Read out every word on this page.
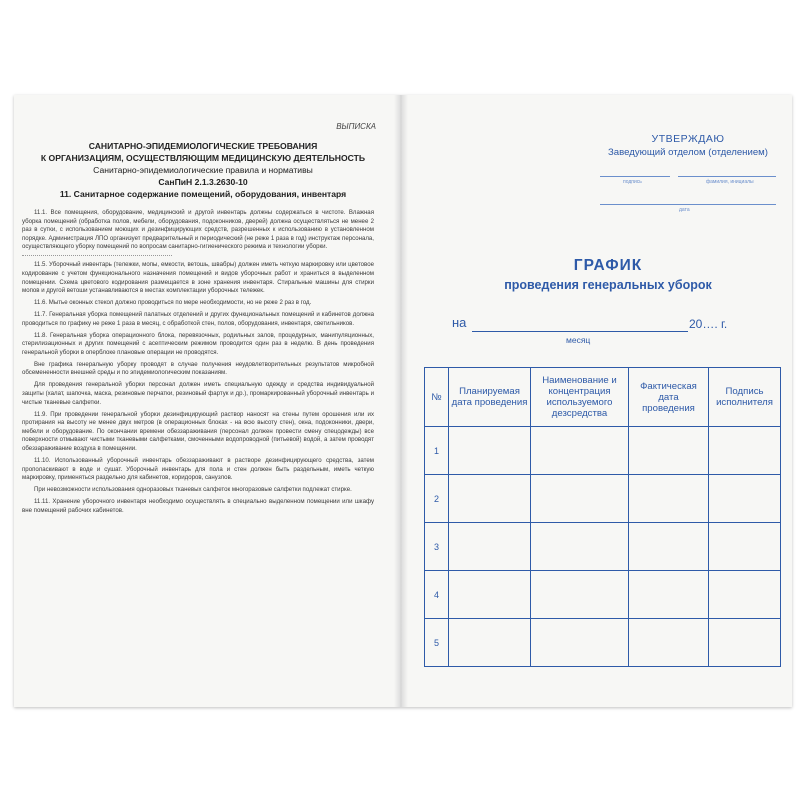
ВЫПИСКА
САНИТАРНО-ЭПИДЕМИОЛОГИЧЕСКИЕ ТРЕБОВАНИЯ
К ОРГАНИЗАЦИЯМ, ОСУЩЕСТВЛЯЮЩИМ МЕДИЦИНСКУЮ ДЕЯТЕЛЬНОСТЬ
Санитарно-эпидемиологические правила и нормативы
СанПиН 2.1.3.2630-10
11. Санитарное содержание помещений, оборудования, инвентаря

11.1. Все помещения, оборудование, медицинский и другой инвентарь должны содержаться в чистоте. Влажная уборка помещений (обработка полов, мебели, оборудования, подоконников, дверей) должна осуществляться не менее 2 раз в сутки, с использованием моющих и дезинфицирующих средств, разрешенных к использованию в установленном порядке. Администрация ЛПО организует предварительный и периодический (не реже 1 раза в год) инструктаж персонала, осуществляющего уборку помещений по вопросам санитарно-гигиенического режима и технологии уборки.

11.5. Уборочный инвентарь (тележки, мопы, емкости, ветошь, швабры) должен иметь четкую маркировку или цветовое кодирование с учетом функционального назначения помещений и видов уборочных работ и храниться в выделенном помещении. Схема цветового кодирования размещается в зоне хранения инвентаря. Стиральные машины для стирки мопов и другой ветоши устанавливаются в местах комплектации уборочных тележек.

11.6. Мытье оконных стекол должно проводиться по мере необходимости, но не реже 2 раз в год.

11.7. Генеральная уборка помещений палатных отделений и других функциональных помещений и кабинетов должна проводиться по графику не реже 1 раза в месяц, с обработкой стен, полов, оборудования, инвентаря, светильников.

11.8. Генеральная уборка операционного блока, перевязочных, родильных залов, процедурных, манипуляционных, стерилизационных и других помещений с асептическим режимом проводится один раз в неделю. В день проведения генеральной уборки в оперблоке плановые операции не проводятся.

Вне графика генеральную уборку проводят в случае получения неудовлетворительных результатов микробной обсемененности внешней среды и по эпидемиологическим показаниям.

Для проведения генеральной уборки персонал должен иметь специальную одежду и средства индивидуальной защиты (халат, шапочка, маска, резиновые перчатки, резиновый фартук и др.), промаркированный уборочный инвентарь и чистые тканевые салфетки.

11.9. При проведении генеральной уборки дезинфицирующий раствор наносят на стены путем орошения или их протирания на высоту не менее двух метров (в операционных блоках - на всю высоту стен), окна, подоконники, двери, мебели и оборудование. По окончании времени обеззараживания (персонал должен провести смену спецодежды) все поверхности отмывают чистыми тканевыми салфетками, смоченными водопроводной (питьевой) водой, а затем проводят обеззараживание воздуха в помещении.

11.10. Использованный уборочный инвентарь обеззараживают в растворе дезинфицирующего средства, затем прополаскивают в воде и сушат. Уборочный инвентарь для пола и стен должен быть раздельным, иметь четкую маркировку, применяться раздельно для кабинетов, коридоров, санузлов.

При невозможности использования одноразовых тканевых салфеток многоразовые салфетки подлежат стирке.

11.11. Хранение уборочного инвентаря необходимо осуществлять в специально выделенном помещении или шкафу вне помещений рабочих кабинетов.

УТВЕРЖДАЮ
Заведующий отделом (отделением)
подпись	фамилия, инициалы
дата
ГРАФИК
проведения генеральных уборок
на	20…. г.
месяц
№	Планируемая дата проведения	Наименование и концентрация используемого дезсредства	Фактическая дата проведения	Подпись исполнителя
1				
2				
3				
4				
5				
